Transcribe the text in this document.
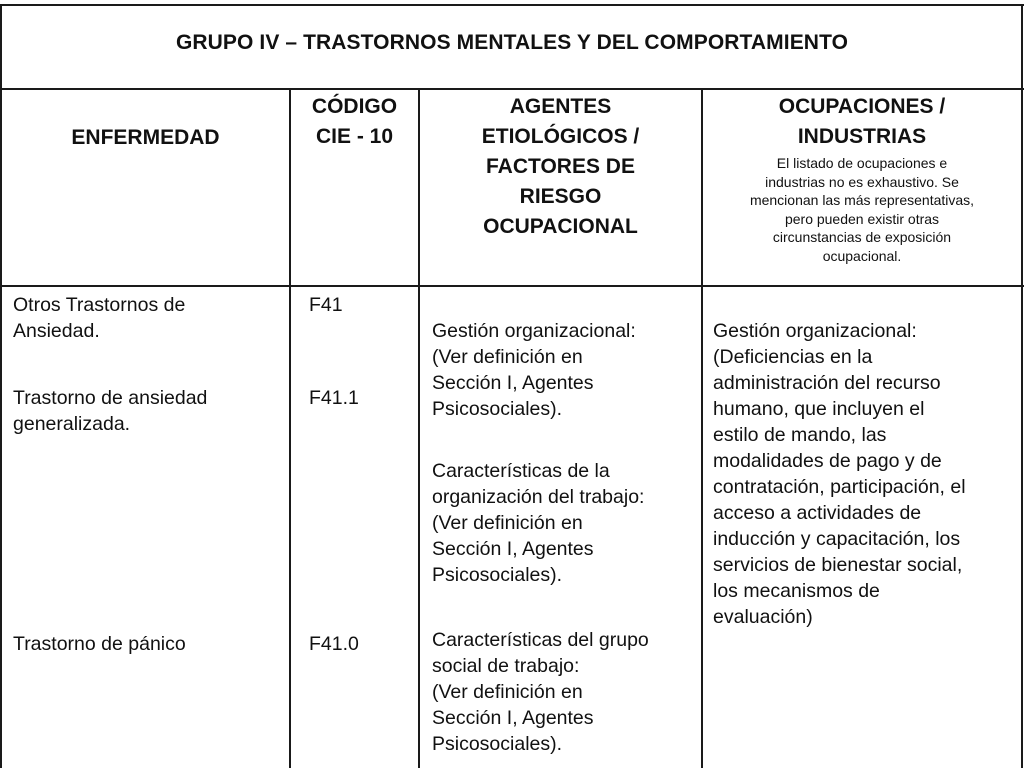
GRUPO IV – TRASTORNOS MENTALES Y DEL COMPORTAMIENTO
ENFERMEDAD
CÓDIGO
CIE - 10
AGENTES
ETIOLÓGICOS /
FACTORES DE
RIESGO
OCUPACIONAL
OCUPACIONES /
INDUSTRIAS
El listado de ocupaciones e
industrias no es exhaustivo. Se
mencionan las más representativas,
pero pueden existir otras
circunstancias de exposición
ocupacional.
Otros Trastornos de
Ansiedad.
Trastorno de ansiedad
generalizada.
Trastorno de pánico
F41
F41.1
F41.0
Gestión organizacional:
(Ver definición en
Sección I, Agentes
Psicosociales).
Características de la
organización del trabajo:
(Ver definición en
Sección I, Agentes
Psicosociales).
Características del grupo
social de trabajo:
(Ver definición en
Sección I, Agentes
Psicosociales).
Gestión organizacional:
(Deficiencias en la
administración del recurso
humano, que incluyen el
estilo de mando, las
modalidades de pago y de
contratación, participación, el
acceso a actividades de
inducción y capacitación, los
servicios de bienestar social,
los mecanismos de
evaluación)
